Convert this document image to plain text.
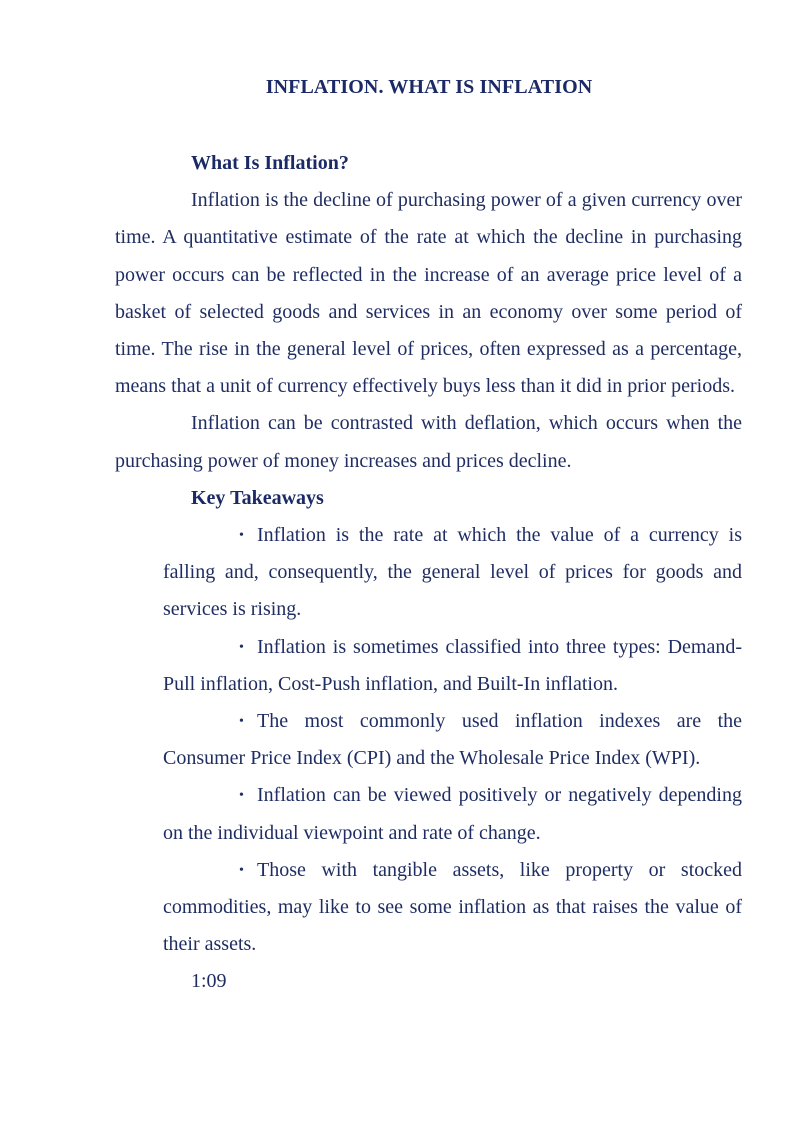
INFLATION. WHAT IS INFLATION

What Is Inflation?

Inflation is the decline of purchasing power of a given currency over time. A quantitative estimate of the rate at which the decline in purchasing power occurs can be reflected in the increase of an average price level of a basket of selected goods and services in an economy over some period of time. The rise in the general level of prices, often expressed as a percentage, means that a unit of currency effectively buys less than it did in prior periods.

Inflation can be contrasted with deflation, which occurs when the purchasing power of money increases and prices decline.

Key Takeaways

• Inflation is the rate at which the value of a currency is falling and, consequently, the general level of prices for goods and services is rising.
• Inflation is sometimes classified into three types: Demand-Pull inflation, Cost-Push inflation, and Built-In inflation.
• The most commonly used inflation indexes are the Consumer Price Index (CPI) and the Wholesale Price Index (WPI).
• Inflation can be viewed positively or negatively depending on the individual viewpoint and rate of change.
• Those with tangible assets, like property or stocked commodities, may like to see some inflation as that raises the value of their assets.

1:09
